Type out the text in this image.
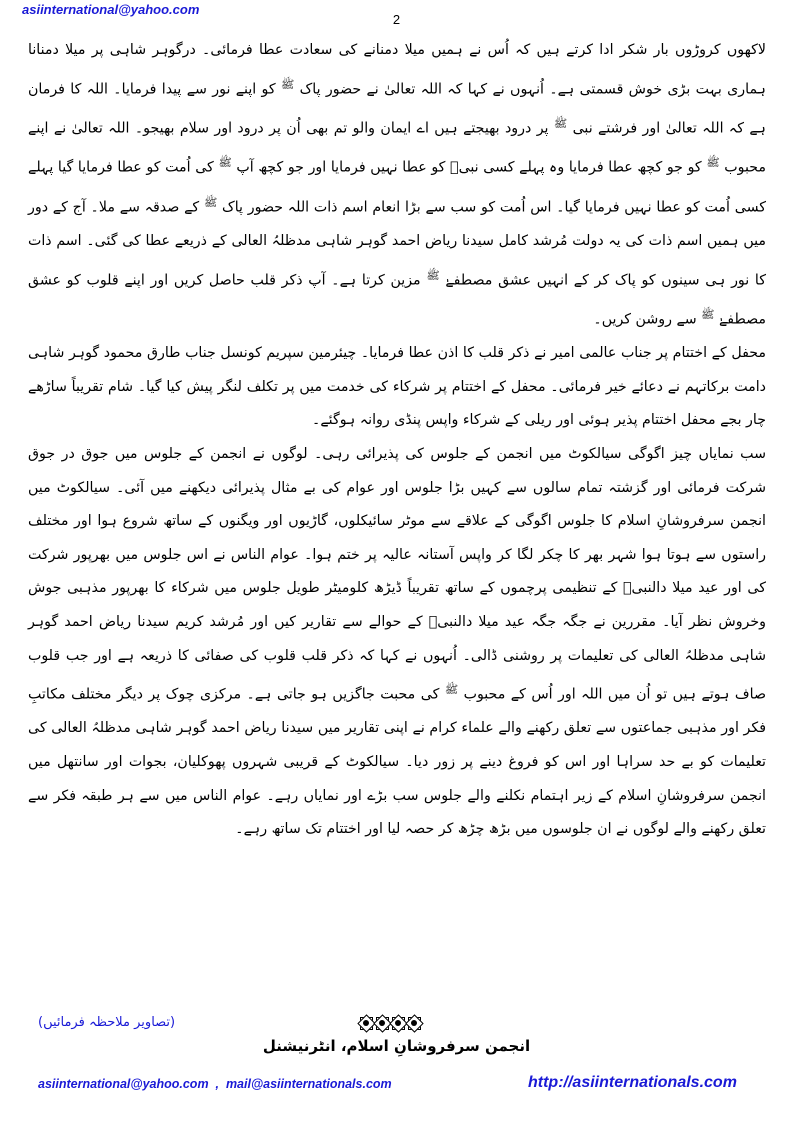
asiinternational@yahoo.com
2

لاکھوں کروڑوں بار شکر ادا کرتے ہیں کہ اُس نے ہمیں میلا دمنانے کی سعادت عطا فرمائی۔ درگوہر شاہی پر میلا دمنانا ہماری بہت بڑی خوش قسمتی ہے۔ اُنہوں نے کہا کہ اللہ تعالیٰ نے حضور پاک $^ﷺ$ کو اپنے نور سے پیدا فرمایا۔ اللہ کا فرمان ہے کہ اللہ تعالیٰ اور فرشتے نبی $^ﷺ$ پر درود بھیجتے ہیں اے ایمان والو تم بھی اُن پر درود اور سلام بھیجو۔ اللہ تعالیٰ نے اپنے محبوب $^ﷺ$ کو جو کچھ عطا فرمایا وہ پہلے کسی نبیؐ کو عطا نہیں فرمایا اور جو کچھ آپ $^ﷺ$ کی اُمت کو عطا فرمایا گیا پہلے کسی اُمت کو عطا نہیں فرمایا گیا۔ اس اُمت کو سب سے بڑا انعام اسم ذات اللہ حضور پاک $^ﷺ$ کے صدقہ سے ملا۔ آج کے دور میں ہمیں اسم ذات کی یہ دولت مُرشد کامل سیدنا ریاض احمد گوہر شاہی مدظلہُ العالی کے ذریعے عطا کی گئی۔ اسم ذات کا نور ہی سینوں کو پاک کر کے انہیں عشق مصطفےٰ $^ﷺ$ مزین کرتا ہے۔ آپ ذکر قلب حاصل کریں اور اپنے قلوب کو عشق مصطفےٰ $^ﷺ$ سے روشن کریں۔

محفل کے اختتام پر جناب عالمی امیر نے ذکر قلب کا اذن عطا فرمایا۔ چیئرمین سپریم کونسل جناب طارق محمود گوہر شاہی دامت برکاتہم نے دعائے خیر فرمائی۔ محفل کے اختتام پر شرکاء کی خدمت میں پر تکلف لنگر پیش کیا گیا۔ شام تقریباً ساڑھے چار بجے محفل اختتام پذیر ہوئی اور ریلی کے شرکاء واپس پنڈی روانہ ہوگئے۔

سب نمایاں چیز اگوگی سیالکوٹ میں انجمن کے جلوس کی پذیرائی رہی۔ لوگوں نے انجمن کے جلوس میں جوق در جوق شرکت فرمائی اور گزشتہ تمام سالوں سے کہیں بڑا جلوس اور عوام کی بے مثال پذیرائی دیکھنے میں آئی۔ سیالکوٹ میں انجمن سرفروشانِ اسلام کا جلوس اگوگی کے علاقے سے موٹر سائیکلوں، گاڑیوں اور ویگنوں کے ساتھ شروع ہوا اور مختلف راستوں سے ہوتا ہوا شہر بھر کا چکر لگا کر واپس آستانہ عالیہ پر ختم ہوا۔ عوام الناس نے اس جلوس میں بھرپور شرکت کی اور عید میلا دالنبیؐ کے تنظیمی پرچموں کے ساتھ تقریباً ڈیڑھ کلومیٹر طویل جلوس میں شرکاء کا بھرپور مذہبی جوش وخروش نظر آیا۔ مقررین نے جگہ جگہ عید میلا دالنبیؐ کے حوالے سے تقاریر کیں اور مُرشد کریم سیدنا ریاض احمد گوہر شاہی مدظلہُ العالی کی تعلیمات پر روشنی ڈالی۔ اُنہوں نے کہا کہ ذکر قلب قلوب کی صفائی کا ذریعہ ہے اور جب قلوب صاف ہوتے ہیں تو اُن میں اللہ اور اُس کے محبوب $^ﷺ$ کی محبت جاگزیں ہو جاتی ہے۔ مرکزی چوک پر دیگر مختلف مکاتبِ فکر اور مذہبی جماعتوں سے تعلق رکھنے والے علماء کرام نے اپنی تقاریر میں سیدنا ریاض احمد گوہر شاہی مدظلہُ العالی کی تعلیمات کو بے حد سراہا اور اس کو فروغ دینے پر زور دیا۔ سیالکوٹ کے قریبی شہروں پھوکلیان، بجوات اور سانتھل میں انجمن سرفروشانِ اسلام کے زیر اہتمام نکلنے والے جلوس سب بڑے اور نمایاں رہے۔ عوام الناس میں سے ہر طبقہ فکر سے تعلق رکھنے والے لوگوں نے ان جلوسوں میں بڑھ چڑھ کر حصہ لیا اور اختتام تک ساتھ رہے۔

(تصاویر ملاحظہ فرمائیں)
انجمن سرفروشانِ اسلام، انٹرنیشنل
asiinternational@yahoo.com  ,  mail@asiinternationals.com	http://asiinternationals.com
